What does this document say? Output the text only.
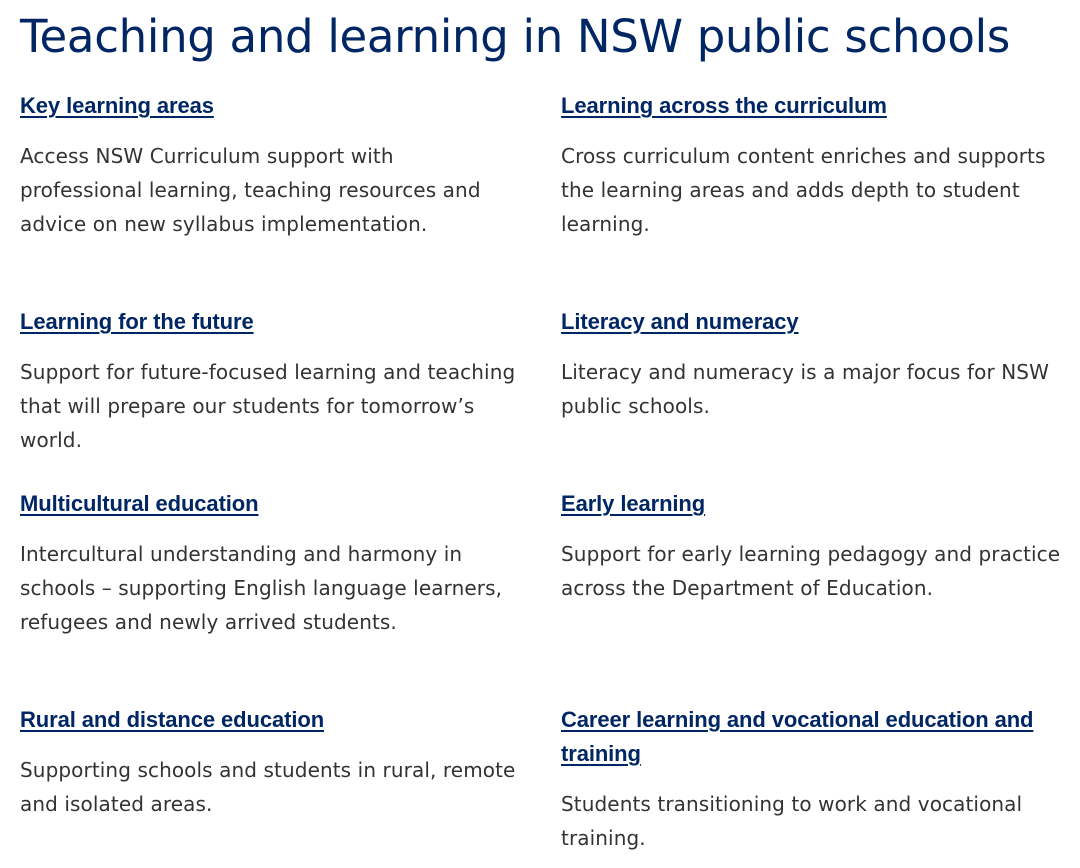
Teaching and learning in NSW public schools
Key learning areas

Access NSW Curriculum support with professional learning, teaching resources and advice on new syllabus implementation.

Learning across the curriculum

Cross curriculum content enriches and supports the learning areas and adds depth to student learning.

Learning for the future

Support for future-focused learning and teaching that will prepare our students for tomorrow’s world.

Literacy and numeracy

Literacy and numeracy is a major focus for NSW public schools.

Multicultural education

Intercultural understanding and harmony in schools – supporting English language learners, refugees and newly arrived students.

Early learning

Support for early learning pedagogy and practice across the Department of Education.

Rural and distance education

Supporting schools and students in rural, remote and isolated areas.

Career learning and vocational education and training

Students transitioning to work and vocational training.
